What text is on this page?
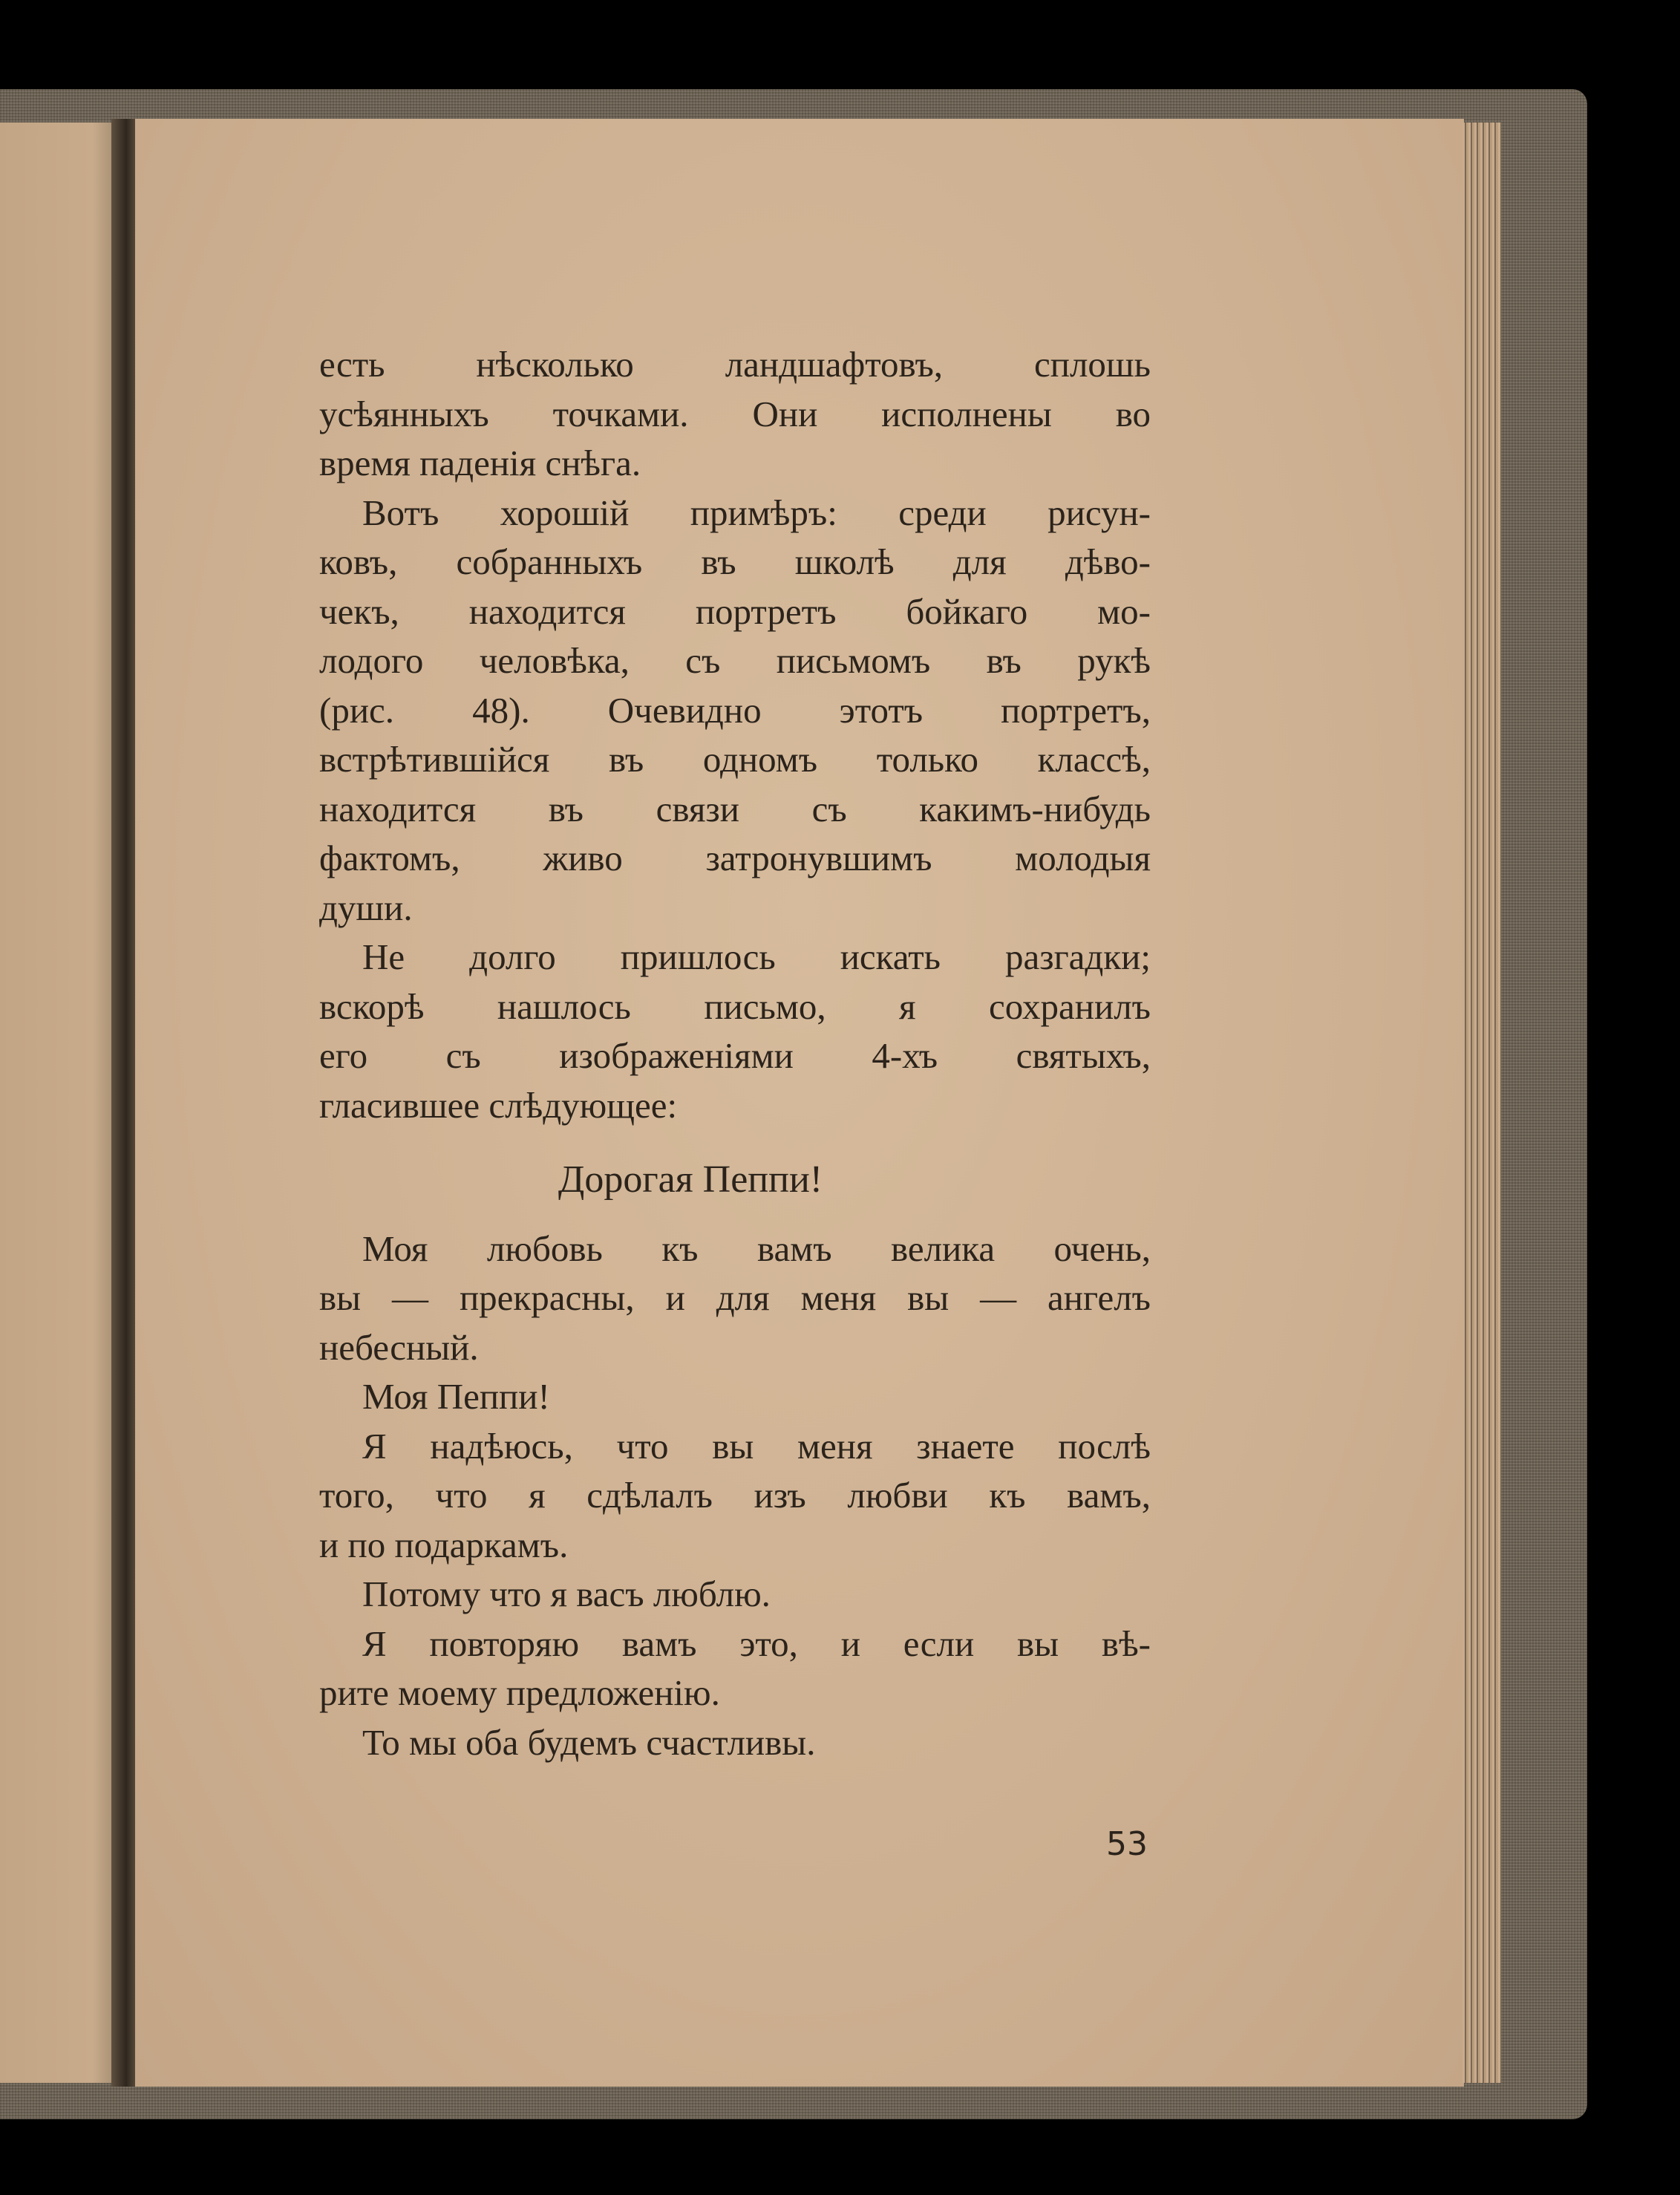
есть нѣсколько ландшафтовъ, сплошь
усѣянныхъ точками. Они исполнены во
время паденiя снѣга.
Вотъ хорошiй примѣръ: среди рисун-
ковъ, собранныхъ въ школѣ для дѣво-
чекъ, находится портретъ бойкаго мо-
лодого человѣка, съ письмомъ въ рукѣ
(рис. 48). Очевидно этотъ портретъ,
встрѣтившiйся въ одномъ только классѣ,
находится въ связи съ какимъ-нибудь
фактомъ, живо затронувшимъ молодыя
души.
Не долго пришлось искать разгадки;
вскорѣ нашлось письмо, я сохранилъ
его съ изображенiями 4-хъ святыхъ,
гласившее слѣдующее:
Дорогая Пеппи!
Моя любовь къ вамъ велика очень,
вы — прекрасны, и для меня вы — ангелъ
небесный.
Моя Пеппи!
Я надѣюсь, что вы меня знаете послѣ
того, что я сдѣлалъ изъ любви къ вамъ,
и по подаркамъ.
Потому что я васъ люблю.
Я повторяю вамъ это, и если вы вѣ-
рите моему предложенiю.
То мы оба будемъ счастливы.
53
